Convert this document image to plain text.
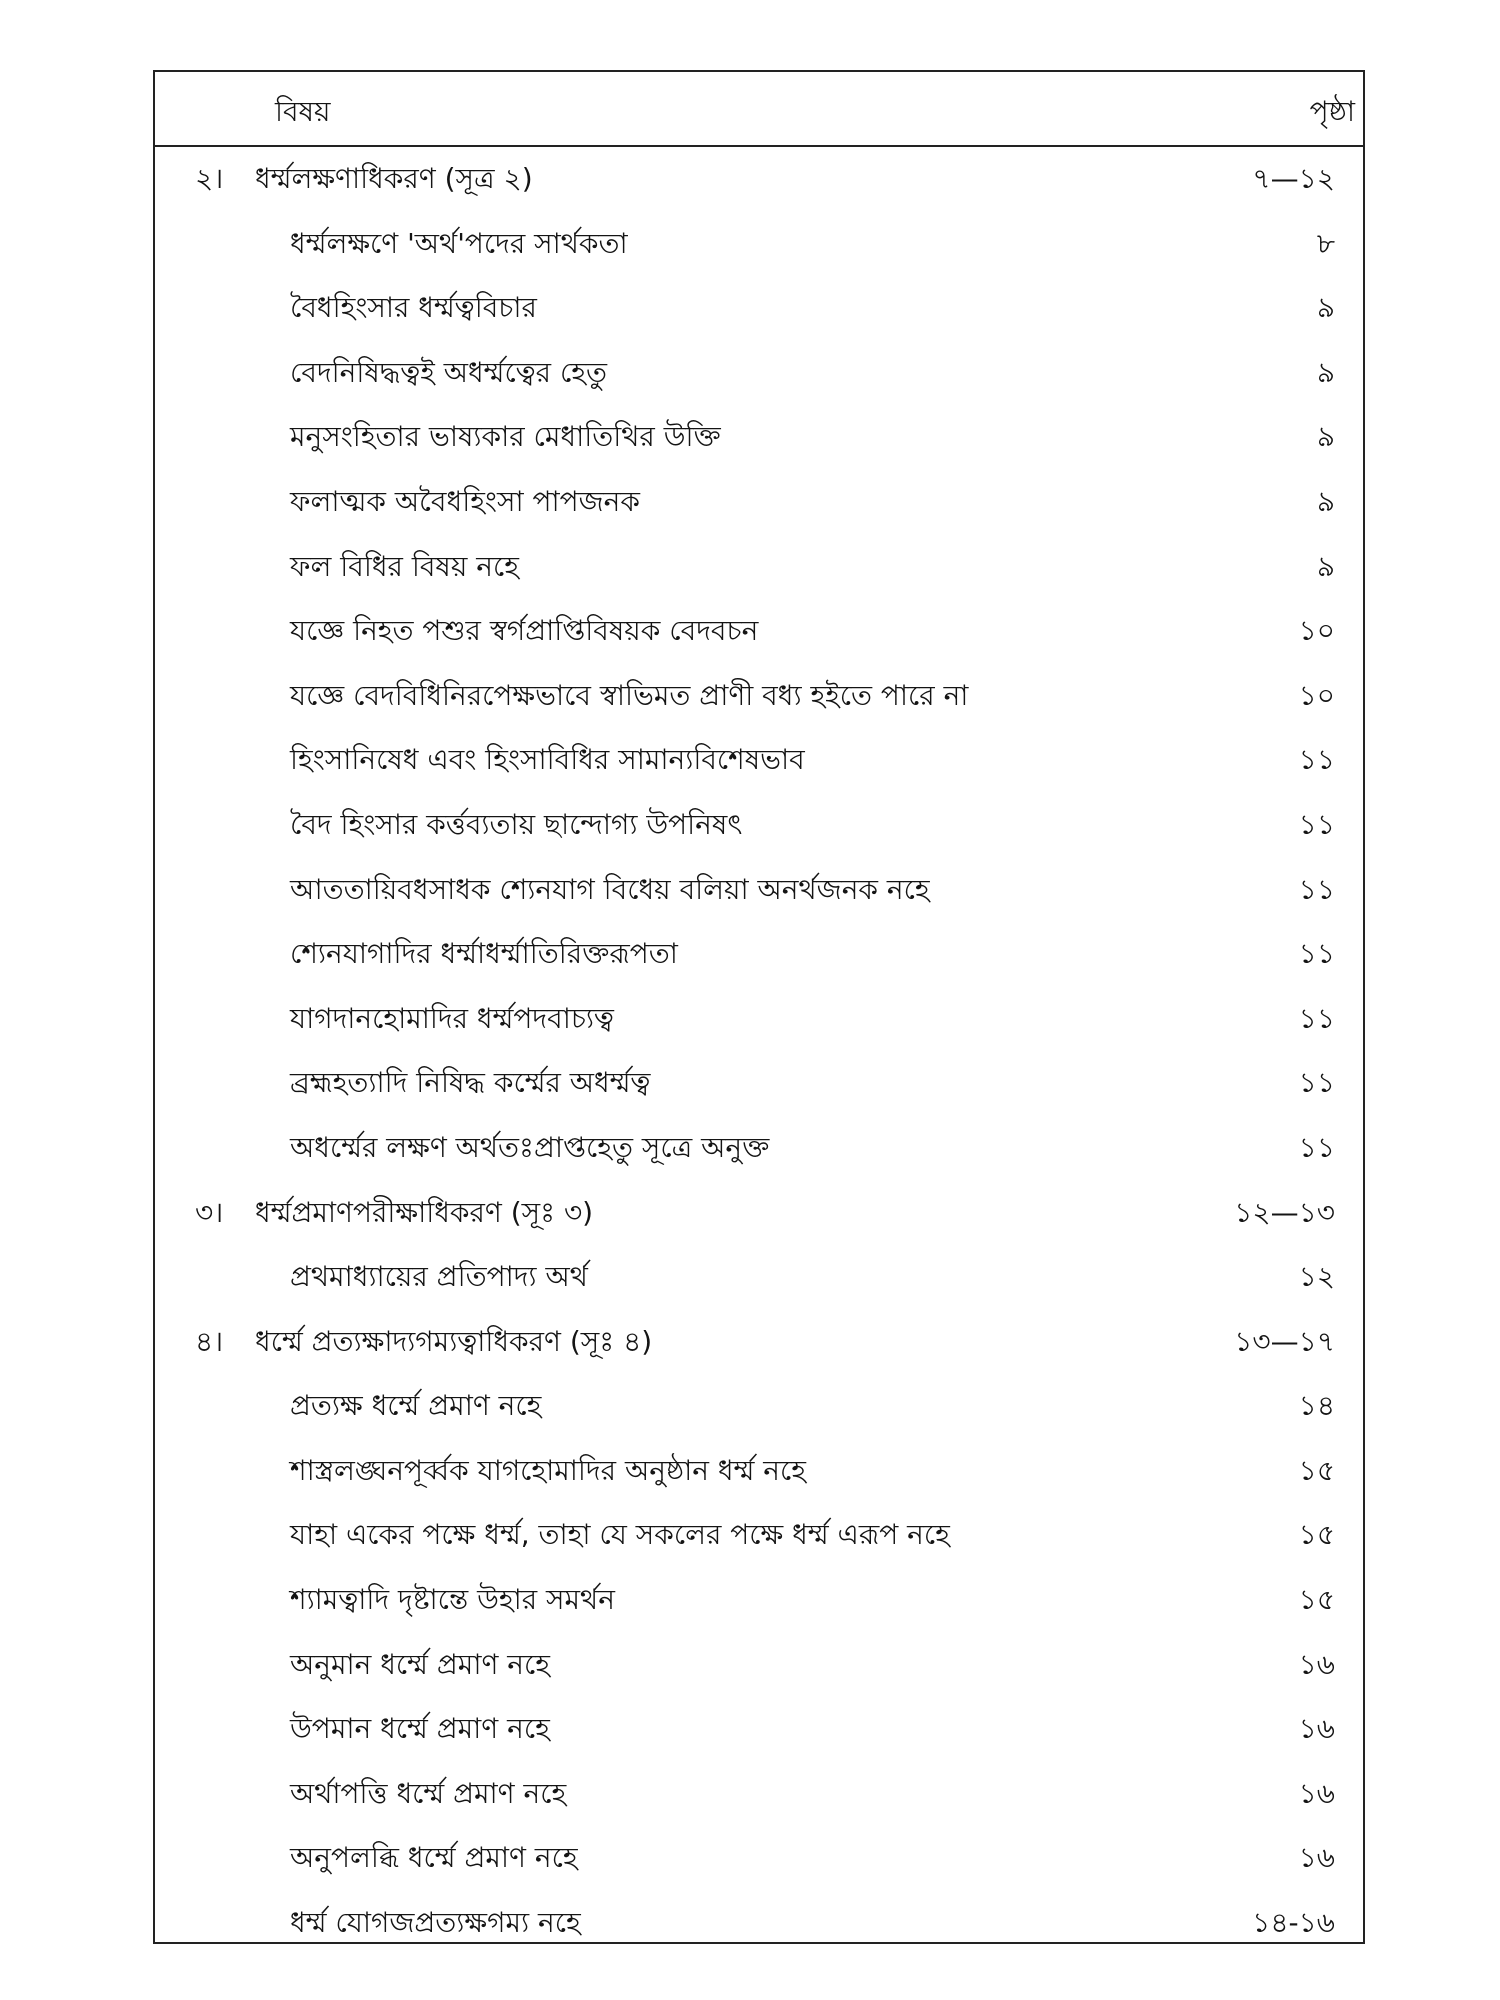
বিষয়	পৃষ্ঠা
২। ধর্ম্মলক্ষণাধিকরণ (সূত্র ২)	৭—১২
ধর্ম্মলক্ষণে 'অর্থ'পদের সার্থকতা	৮
বৈধহিংসার ধর্ম্মত্ববিচার	৯
বেদনিষিদ্ধত্বই অধর্ম্মত্বের হেতু	৯
মনুসংহিতার ভাষ্যকার মেধাতিথির উক্তি	৯
ফলাত্মক অবৈধহিংসা পাপজনক	৯
ফল বিধির বিষয় নহে	৯
যজ্ঞে নিহত পশুর স্বর্গপ্রাপ্তিবিষয়ক বেদবচন	১০
যজ্ঞে বেদবিধিনিরপেক্ষভাবে স্বাভিমত প্রাণী বধ্য হইতে পারে না	১০
হিংসানিষেধ এবং হিংসাবিধির সামান্যবিশেষভাব	১১
বৈদ হিংসার কর্ত্তব্যতায় ছান্দোগ্য উপনিষৎ	১১
আততায়িবধসাধক শ্যেনযাগ বিধেয় বলিয়া অনর্থজনক নহে	১১
শ্যেনযাগাদির ধর্ম্মাধর্ম্মাতিরিক্তরূপতা	১১
যাগদানহোমাদির ধর্ম্মপদবাচ্যত্ব	১১
ব্রহ্মহত্যাদি নিষিদ্ধ কর্ম্মের অধর্ম্মত্ব	১১
অধর্ম্মের লক্ষণ অর্থতঃপ্রাপ্তহেতু সূত্রে অনুক্ত	১১
৩। ধর্ম্মপ্রমাণপরীক্ষাধিকরণ (সূঃ ৩)	১২—১৩
প্রথমাধ্যায়ের প্রতিপাদ্য অর্থ	১২
৪। ধর্ম্মে প্রত্যক্ষাদ্যগম্যত্বাধিকরণ (সূঃ ৪)	১৩—১৭
প্রত্যক্ষ ধর্ম্মে প্রমাণ নহে	১৪
শাস্ত্রলঙ্ঘনপূর্ব্বক যাগহোমাদির অনুষ্ঠান ধর্ম্ম নহে	১৫
যাহা একের পক্ষে ধর্ম্ম, তাহা যে সকলের পক্ষে ধর্ম্ম এরূপ নহে	১৫
শ্যামত্বাদি দৃষ্টান্তে উহার সমর্থন	১৫
অনুমান ধর্ম্মে প্রমাণ নহে	১৬
উপমান ধর্ম্মে প্রমাণ নহে	১৬
অর্থাপত্তি ধর্ম্মে প্রমাণ নহে	১৬
অনুপলব্ধি ধর্ম্মে প্রমাণ নহে	১৬
ধর্ম্ম যোগজপ্রত্যক্ষগম্য নহে	১৪-১৬
